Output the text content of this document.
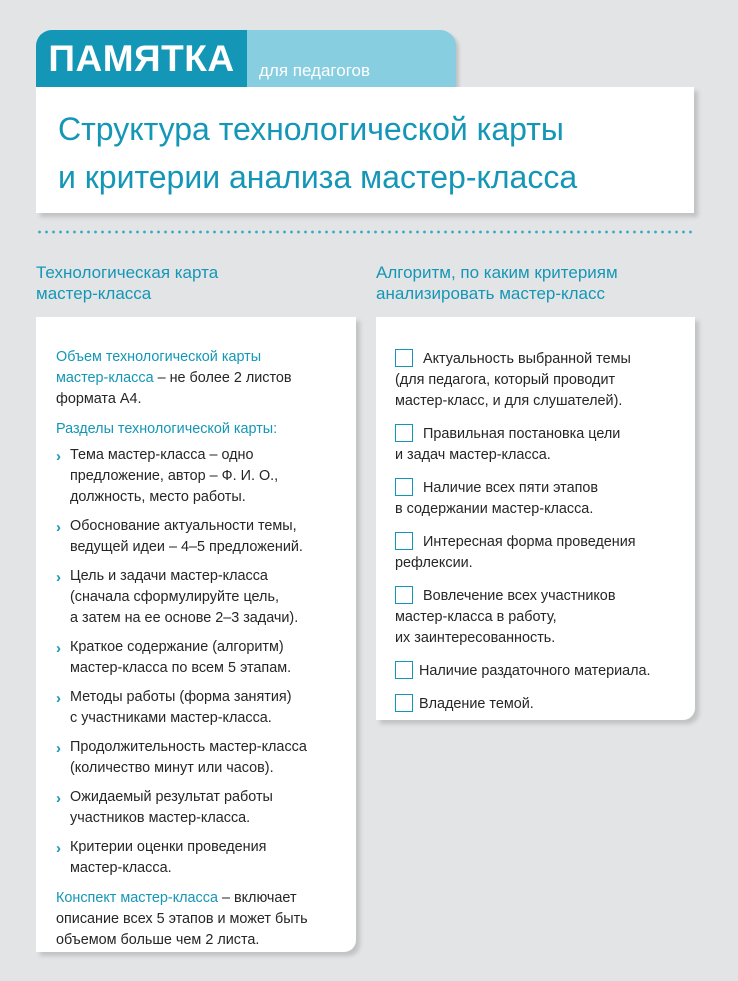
ПАМЯТКА для педагогов
Структура технологической карты
и критерии анализа мастер-класса
Технологическая карта
мастер-класса
Алгоритм, по каким критериям
анализировать мастер-класс
Объем технологической карты
мастер-класса – не более 2 листов
формата А4.
Разделы технологической карты:
› Тема мастер-класса – одно
предложение, автор – Ф. И. О.,
должность, место работы.
› Обоснование актуальности темы,
ведущей идеи – 4–5 предложений.
› Цель и задачи мастер-класса
(сначала сформулируйте цель,
а затем на ее основе 2–3 задачи).
› Краткое содержание (алгоритм)
мастер-класса по всем 5 этапам.
› Методы работы (форма занятия)
с участниками мастер-класса.
› Продолжительность мастер-класса
(количество минут или часов).
› Ожидаемый результат работы
участников мастер-класса.
› Критерии оценки проведения
мастер-класса.
Конспект мастер-класса – включает
описание всех 5 этапов и может быть
объемом больше чем 2 листа.
Актуальность выбранной темы
(для педагога, который проводит
мастер-класс, и для слушателей).
Правильная постановка цели
и задач мастер-класса.
Наличие всех пяти этапов
в содержании мастер-класса.
Интересная форма проведения
рефлексии.
Вовлечение всех участников
мастер-класса в работу,
их заинтересованность.
Наличие раздаточного материала.
Владение темой.
